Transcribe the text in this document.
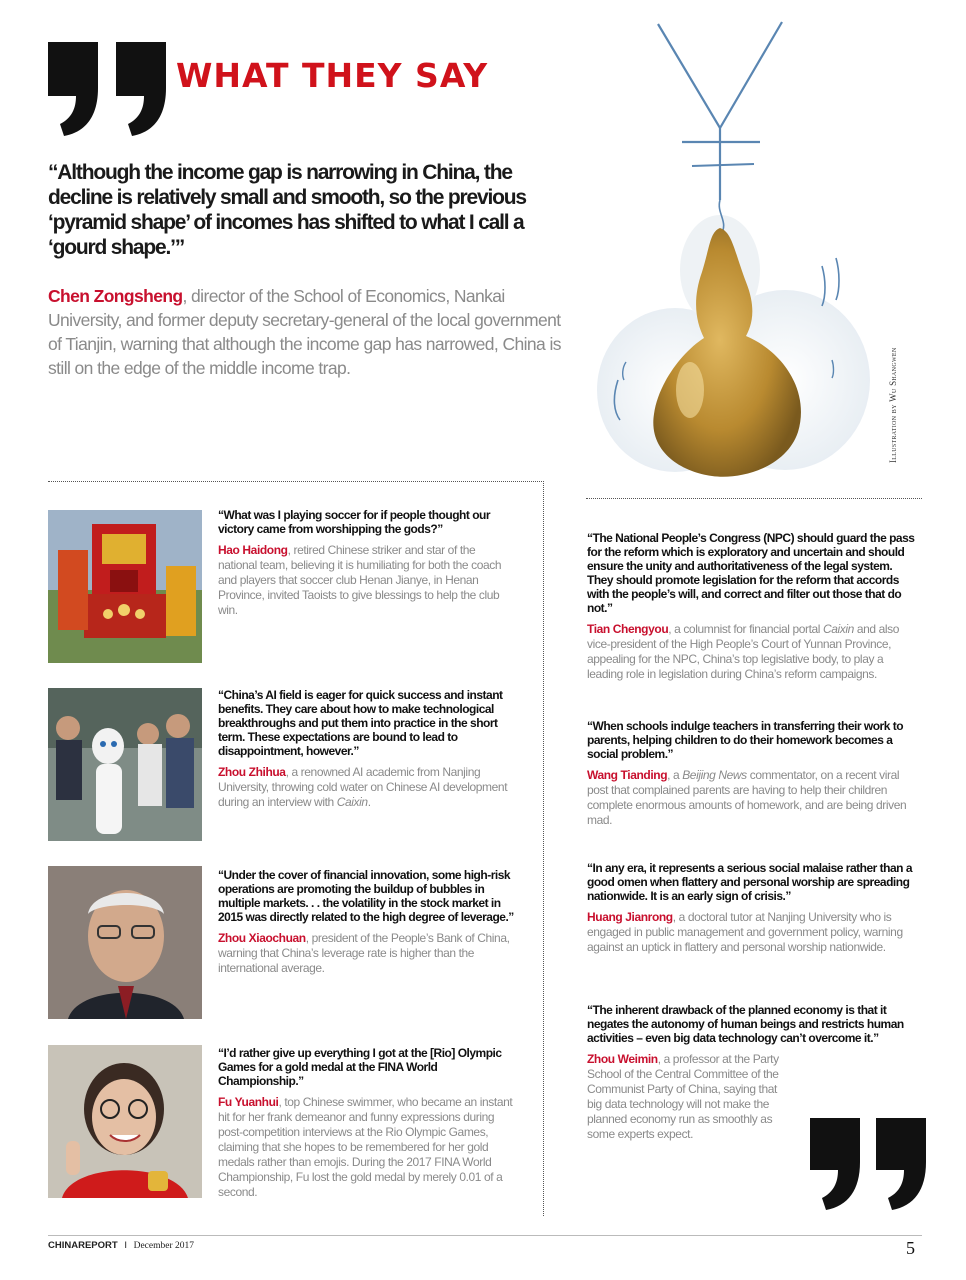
WHAT THEY SAY
Illustration by Wu Shangwen
“Although the income gap is narrowing in China, the decline is relatively small and smooth, so the previous ‘pyramid shape’ of incomes has shifted to what I call a ‘gourd shape.’”
Chen Zongsheng, director of the School of Economics, Nankai University, and former deputy secretary-general of the local government of Tianjin, warning that although the income gap has narrowed, China is still on the edge of the middle income trap.
“What was I playing soccer for if people thought our victory came from worshipping the gods?”
Hao Haidong, retired Chinese striker and star of the national team, believing it is humiliating for both the coach and players that soccer club Henan Jianye, in Henan Province, invited Taoists to give blessings to help the club win.
“China’s AI field is eager for quick success and instant benefits. They care about how to make technological breakthroughs and put them into practice in the short term. These expectations are bound to lead to disappointment, however.”
Zhou Zhihua, a renowned AI academic from Nanjing University, throwing cold water on Chinese AI development during an interview with Caixin.
“Under the cover of financial innovation, some high-risk operations are promoting the buildup of bubbles in multiple markets. . . the volatility in the stock market in 2015 was directly related to the high degree of leverage.”
Zhou Xiaochuan, president of the People’s Bank of China, warning that China’s leverage rate is higher than the international average.
“I’d rather give up everything I got at the [Rio] Olympic Games for a gold medal at the FINA World Championship.”
Fu Yuanhui, top Chinese swimmer, who became an instant hit for her frank demeanor and funny expressions during post-competition interviews at the Rio Olympic Games, claiming that she hopes to be remembered for her gold medals rather than emojis. During the 2017 FINA World Championship, Fu lost the gold medal by merely 0.01 of a second.
“The National People’s Congress (NPC) should guard the pass for the reform which is exploratory and uncertain and should ensure the unity and authoritativeness of the legal system. They should promote legislation for the reform that accords with the people’s will, and correct and filter out those that do not.”
Tian Chengyou, a columnist for financial portal Caixin and also vice-president of the High People’s Court of Yunnan Province, appealing for the NPC, China’s top legislative body, to play a leading role in legislation during China’s reform campaigns.
“When schools indulge teachers in transferring their work to parents, helping children to do their homework becomes a social problem.”
Wang Tianding, a Beijing News commentator, on a recent viral post that complained parents are having to help their children complete enormous amounts of homework, and are being driven mad.
“In any era, it represents a serious social malaise rather than a good omen when flattery and personal worship are spreading nationwide. It is an early sign of crisis.”
Huang Jianrong, a doctoral tutor at Nanjing University who is engaged in public management and government policy, warning against an uptick in flattery and personal worship nationwide.
“The inherent drawback of the planned economy is that it negates the autonomy of human beings and restricts human activities – even big data technology can’t overcome it.”
Zhou Weimin, a professor at the Party School of the Central Committee of the Communist Party of China, saying that big data technology will not make the planned economy run as smoothly as some experts expect.
CHINAREPORT I December 2017	5
